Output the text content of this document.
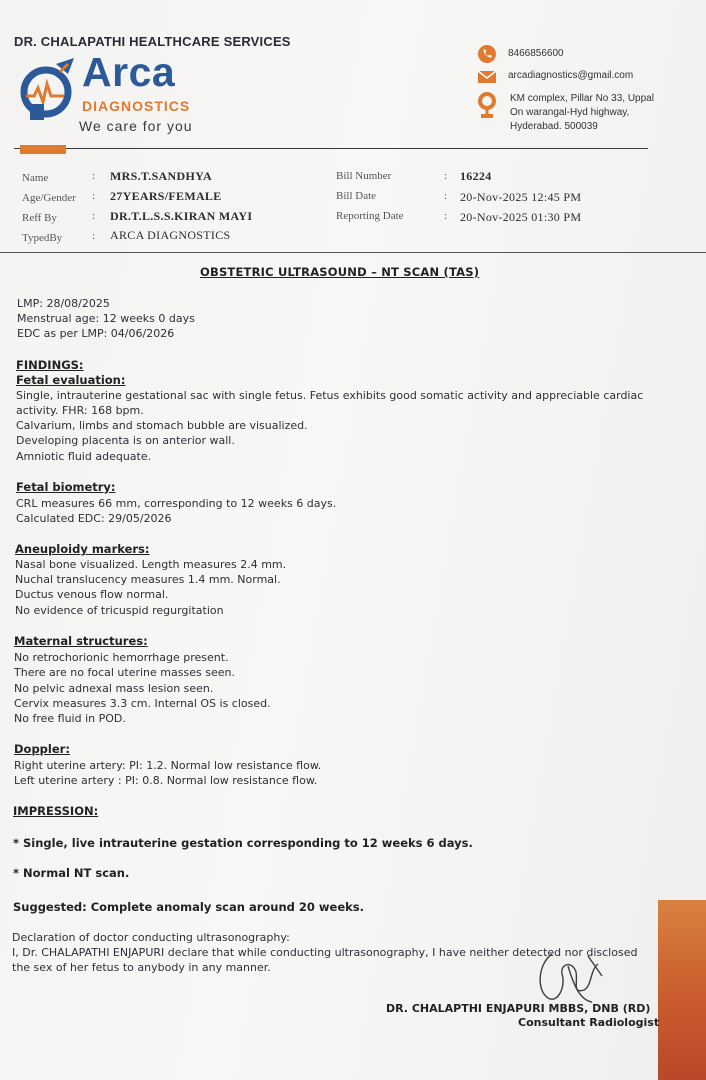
DR. CHALAPATHI HEALTHCARE SERVICES
Arca
DIAGNOSTICS
We care for you
8466856600
arcadiagnostics@gmail.com
KM complex, Pillar No 33, Uppal
On warangal-Hyd highway,
Hyderabad. 500039
Name	: MRS.T.SANDHYA
Age/Gender : 27YEARS/FEMALE
Reff By	: DR.T.L.S.S.KIRAN MAYI
TypedBy	: ARCA DIAGNOSTICS
Bill Number	: 16224
Bill Date	: 20-Nov-2025 12:45 PM
Reporting Date	: 20-Nov-2025 01:30 PM
OBSTETRIC ULTRASOUND – NT SCAN (TAS)
LMP: 28/08/2025
Menstrual age: 12 weeks 0 days
EDC as per LMP: 04/06/2026
FINDINGS:
Fetal evaluation:
Single, intrauterine gestational sac with single fetus. Fetus exhibits good somatic activity and appreciable cardiac
activity. FHR: 168 bpm.
Calvarium, limbs and stomach bubble are visualized.
Developing placenta is on anterior wall.
Amniotic fluid adequate.
Fetal biometry:
CRL measures 66 mm, corresponding to 12 weeks 6 days.
Calculated EDC: 29/05/2026
Aneuploidy markers:
Nasal bone visualized. Length measures 2.4 mm.
Nuchal translucency measures 1.4 mm. Normal.
Ductus venous flow normal.
No evidence of tricuspid regurgitation
Maternal structures:
No retrochorionic hemorrhage present.
There are no focal uterine masses seen.
No pelvic adnexal mass lesion seen.
Cervix measures 3.3 cm. Internal OS is closed.
No free fluid in POD.
Doppler:
Right uterine artery: PI: 1.2. Normal low resistance flow.
Left uterine artery : PI: 0.8. Normal low resistance flow.
IMPRESSION:
* Single, live intrauterine gestation corresponding to 12 weeks 6 days.
* Normal NT scan.
Suggested: Complete anomaly scan around 20 weeks.
Declaration of doctor conducting ultrasonography:
I, Dr. CHALAPATHI ENJAPURI declare that while conducting ultrasonography, I have neither detected nor disclosed
the sex of her fetus to anybody in any manner.
DR. CHALAPTHI ENJAPURI MBBS, DNB (RD)
Consultant Radiologist
